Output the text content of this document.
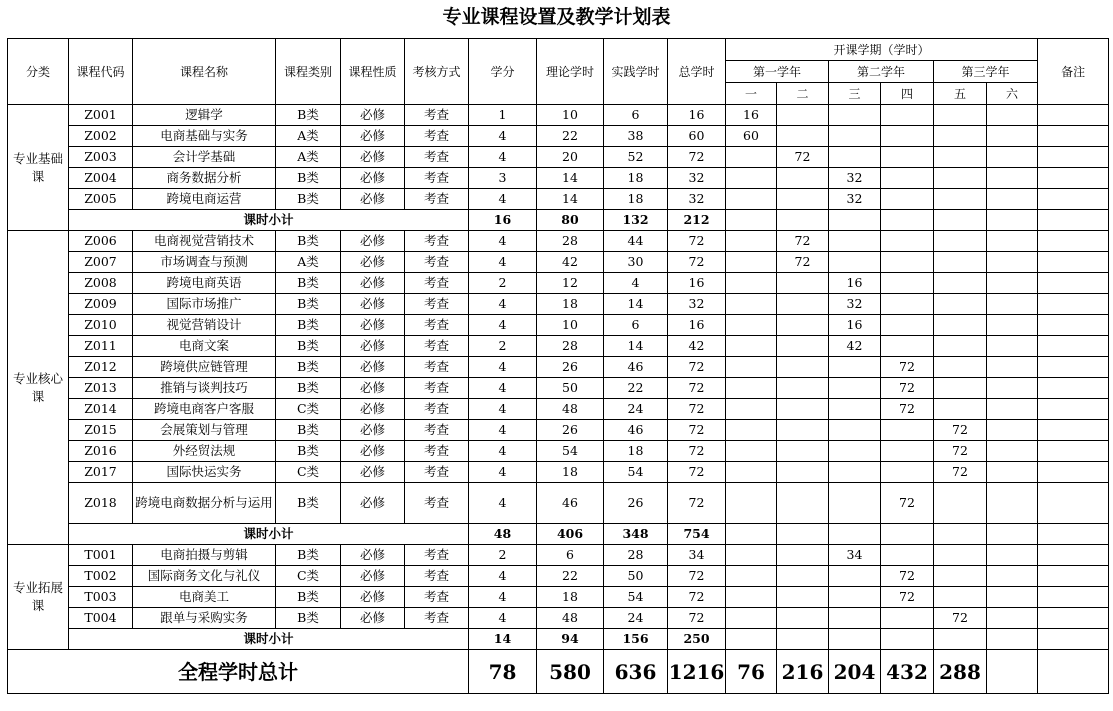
专业课程设置及教学计划表
分类	课程代码	课程名称	课程类别	课程性质	考核方式	学分	理论学时	实践学时	总学时	开课学期（学时）						备注
										第一学年		第二学年		第三学年		
										一	二	三	四	五	六	
专业基础课	Z001	逻辑学	B类	必修	考查	1	10	6	16	16						
	Z002	电商基础与实务	A类	必修	考查	4	22	38	60	60						
	Z003	会计学基础	A类	必修	考查	4	20	52	72		72					
	Z004	商务数据分析	B类	必修	考查	3	14	18	32			32				
	Z005	跨境电商运营	B类	必修	考查	4	14	18	32			32				
	课时小计					16	80	132	212							
专业核心课	Z006	电商视觉营销技术	B类	必修	考查	4	28	44	72		72					
	Z007	市场调查与预测	A类	必修	考查	4	42	30	72		72					
	Z008	跨境电商英语	B类	必修	考查	2	12	4	16			16				
	Z009	国际市场推广	B类	必修	考查	4	18	14	32			32				
	Z010	视觉营销设计	B类	必修	考查	4	10	6	16			16				
	Z011	电商文案	B类	必修	考查	2	28	14	42			42				
	Z012	跨境供应链管理	B类	必修	考查	4	26	46	72				72			
	Z013	推销与谈判技巧	B类	必修	考查	4	50	22	72				72			
	Z014	跨境电商客户客服	C类	必修	考查	4	48	24	72				72			
	Z015	会展策划与管理	B类	必修	考查	4	26	46	72					72		
	Z016	外经贸法规	B类	必修	考查	4	54	18	72					72		
	Z017	国际快运实务	C类	必修	考查	4	18	54	72					72		
	Z018	跨境电商数据分析与运用	B类	必修	考查	4	46	26	72				72			
	课时小计					48	406	348	754							
专业拓展课	T001	电商拍摄与剪辑	B类	必修	考查	2	6	28	34			34				
	T002	国际商务文化与礼仪	C类	必修	考查	4	22	50	72				72			
	T003	电商美工	B类	必修	考查	4	18	54	72				72			
	T004	跟单与采购实务	B类	必修	考查	4	48	24	72					72		
	课时小计					14	94	156	250							
全程学时总计						78	580	636	1216	76	216	204	432	288		
